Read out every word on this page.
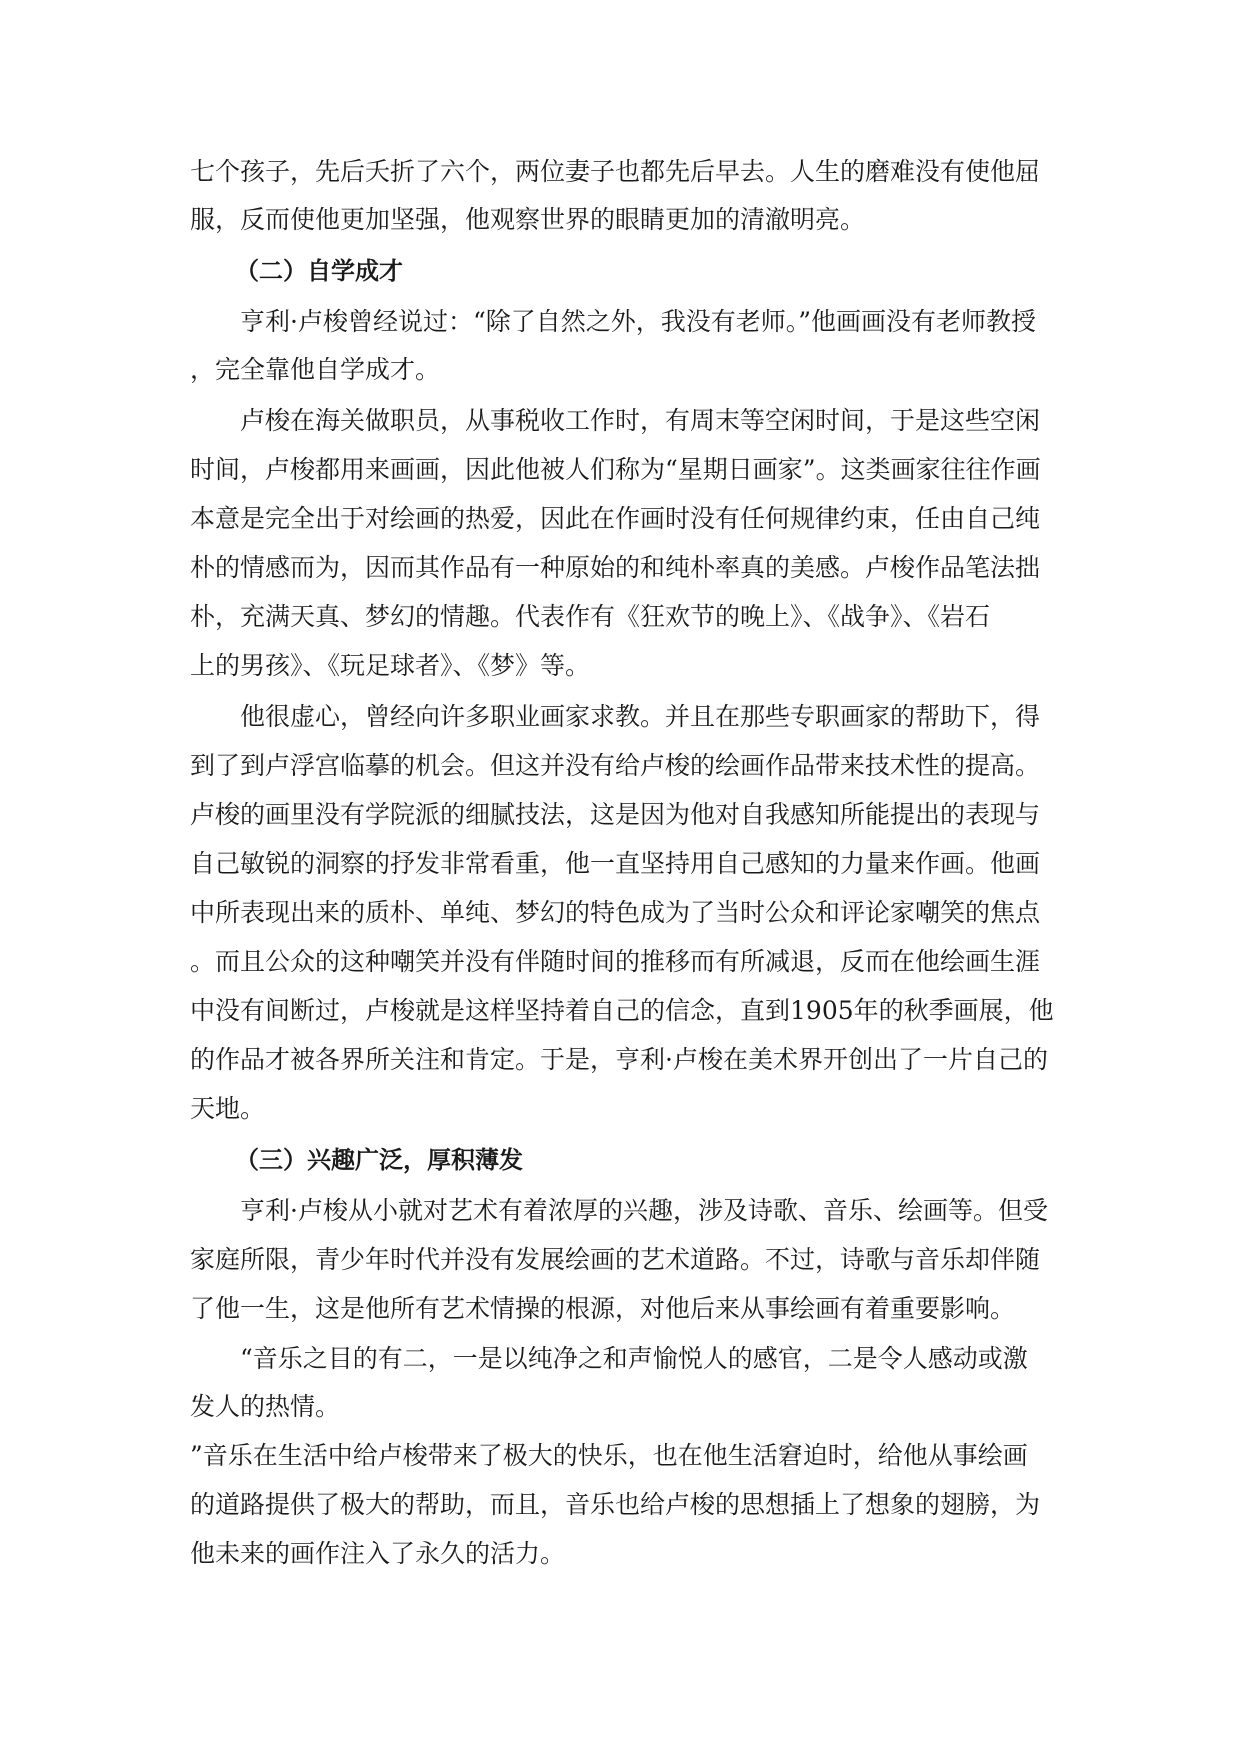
七个孩子，先后夭折了六个，两位妻子也都先后早去。人生的磨难没有使他屈
服，反而使他更加坚强，他观察世界的眼睛更加的清澈明亮。
（二）自学成才
亨利·卢梭曾经说过：“除了自然之外，我没有老师。”他画画没有老师教授
，完全靠他自学成才。
卢梭在海关做职员，从事税收工作时，有周末等空闲时间，于是这些空闲
时间，卢梭都用来画画，因此他被人们称为“星期日画家”。这类画家往往作画
本意是完全出于对绘画的热爱，因此在作画时没有任何规律约束，任由自己纯
朴的情感而为，因而其作品有一种原始的和纯朴率真的美感。卢梭作品笔法拙
朴，充满天真、梦幻的情趣。代表作有《狂欢节的晚上》、《战争》、《岩石
上的男孩》、《玩足球者》、《梦》等。
他很虚心，曾经向许多职业画家求教。并且在那些专职画家的帮助下，得
到了到卢浮宫临摹的机会。但这并没有给卢梭的绘画作品带来技术性的提高。
卢梭的画里没有学院派的细腻技法，这是因为他对自我感知所能提出的表现与
自己敏锐的洞察的抒发非常看重，他一直坚持用自己感知的力量来作画。他画
中所表现出来的质朴、单纯、梦幻的特色成为了当时公众和评论家嘲笑的焦点
。而且公众的这种嘲笑并没有伴随时间的推移而有所减退，反而在他绘画生涯
中没有间断过，卢梭就是这样坚持着自己的信念，直到1905年的秋季画展，他
的作品才被各界所关注和肯定。于是，亨利·卢梭在美术界开创出了一片自己的
天地。
（三）兴趣广泛，厚积薄发
亨利·卢梭从小就对艺术有着浓厚的兴趣，涉及诗歌、音乐、绘画等。但受
家庭所限，青少年时代并没有发展绘画的艺术道路。不过，诗歌与音乐却伴随
了他一生，这是他所有艺术情操的根源，对他后来从事绘画有着重要影响。
“音乐之目的有二，一是以纯净之和声愉悦人的感官，二是令人感动或激
发人的热情。
”音乐在生活中给卢梭带来了极大的快乐，也在他生活窘迫时，给他从事绘画
的道路提供了极大的帮助，而且，音乐也给卢梭的思想插上了想象的翅膀，为
他未来的画作注入了永久的活力。
